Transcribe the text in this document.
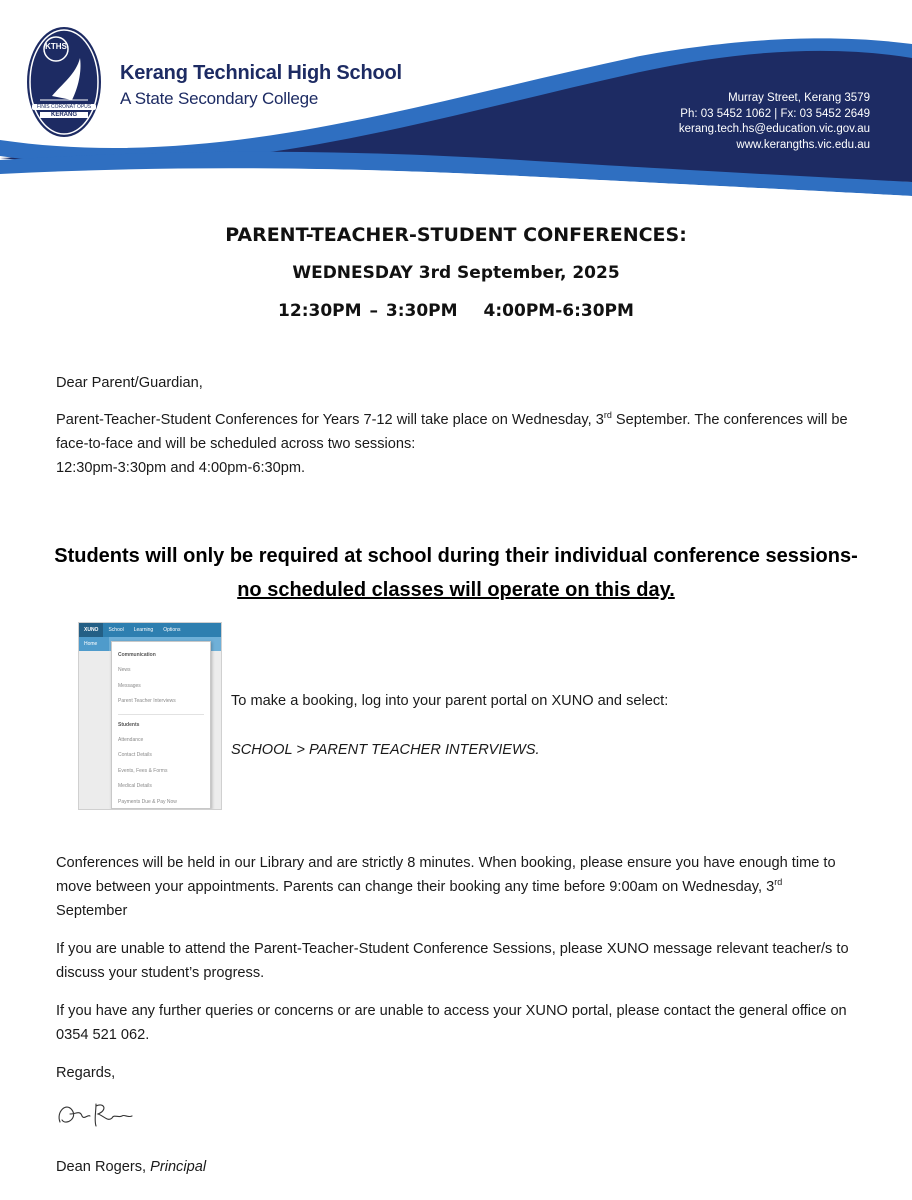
KTHS
FINIS CORONAT OPUS
KERANG
Kerang Technical High School
A State Secondary College	Murray Street, Kerang 3579
Ph: 03 5452 1062 | Fx: 03 5452 2649
kerang.tech.hs@education.vic.gov.au
www.kerangths.vic.edu.au
PARENT-TEACHER-STUDENT CONFERENCES:
WEDNESDAY 3rd September, 2025
12:30PM – 3:30PM 4:00PM-6:30PM
Dear Parent/Guardian,
Parent-Teacher-Student Conferences for Years 7-12 will take place on Wednesday, 3rd September. The conferences will be face-to-face and will be scheduled across two sessions:
12:30pm-3:30pm and 4:00pm-6:30pm.
Students will only be required at school during their individual conference sessions-
no scheduled classes will operate on this day.
XUNO	School	Learning	Options
Home
Communication
News
Messages
Parent Teacher Interviews
Students
Attendance
Contact Details
Events, Fees & Forms
Medical Details
Payments Due & Pay Now
To make a booking, log into your parent portal on XUNO and select:
SCHOOL > PARENT TEACHER INTERVIEWS.
Conferences will be held in our Library and are strictly 8 minutes. When booking, please ensure you have enough time to move between your appointments. Parents can change their booking any time before 9:00am on Wednesday, 3rd September
If you are unable to attend the Parent-Teacher-Student Conference Sessions, please XUNO message relevant teacher/s to discuss your student’s progress.
If you have any further queries or concerns or are unable to access your XUNO portal, please contact the general office on 0354 521 062.
Regards,
Dean Rogers, Principal
